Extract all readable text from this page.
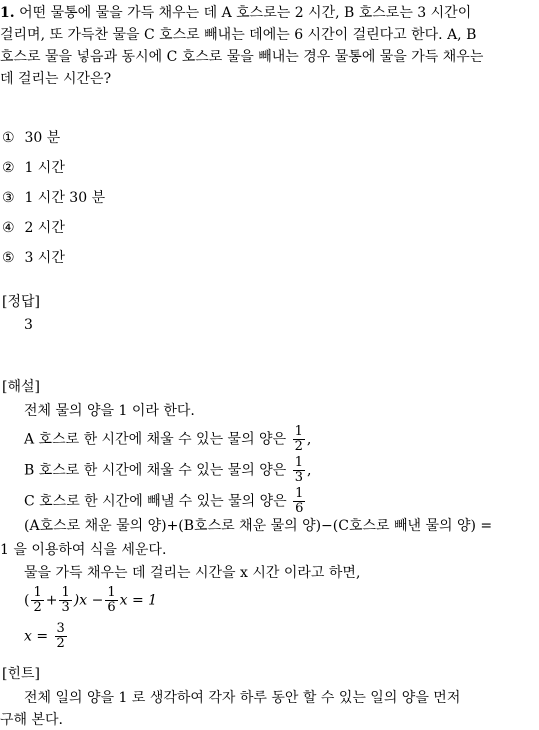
1. 어떤 물통에 물을 가득 채우는 데 A 호스로는 2 시간, B 호스로는 3 시간이
걸리며, 또 가득찬 물을 C 호스로 빼내는 데에는 6 시간이 걸린다고 한다. A, B
호스로 물을 넣음과 동시에 C 호스로 물을 빼내는 경우 물통에 물을 가득 채우는
데 걸리는 시간은?
① 30 분
② 1 시간
③ 1 시간 30 분
④ 2 시간
⑤ 3 시간
[정답]
3
[해설]
전체 물의 양을 1 이라 한다.
A 호스로 한 시간에 채울 수 있는 물의 양은 $\frac{1}{2}$ ,
B 호스로 한 시간에 채울 수 있는 물의 양은 $\frac{1}{3}$ ,
C 호스로 한 시간에 빼낼 수 있는 물의 양은 $\frac{1}{6}$
(A호스로 채운 물의 양)+(B호스로 채운 물의 양)−(C호스로 빼낸 물의 양) =
1 을 이용하여 식을 세운다.
물을 가득 채우는 데 걸리는 시간을 x 시간 이라고 하면,
( $\frac{1}{2} + \frac{1}{3} )x - \frac{1}{6}$ x = 1
$x = \frac{3}{2}$
[힌트]
전체 일의 양을 1 로 생각하여 각자 하루 동안 할 수 있는 일의 양을 먼저
구해 본다.
